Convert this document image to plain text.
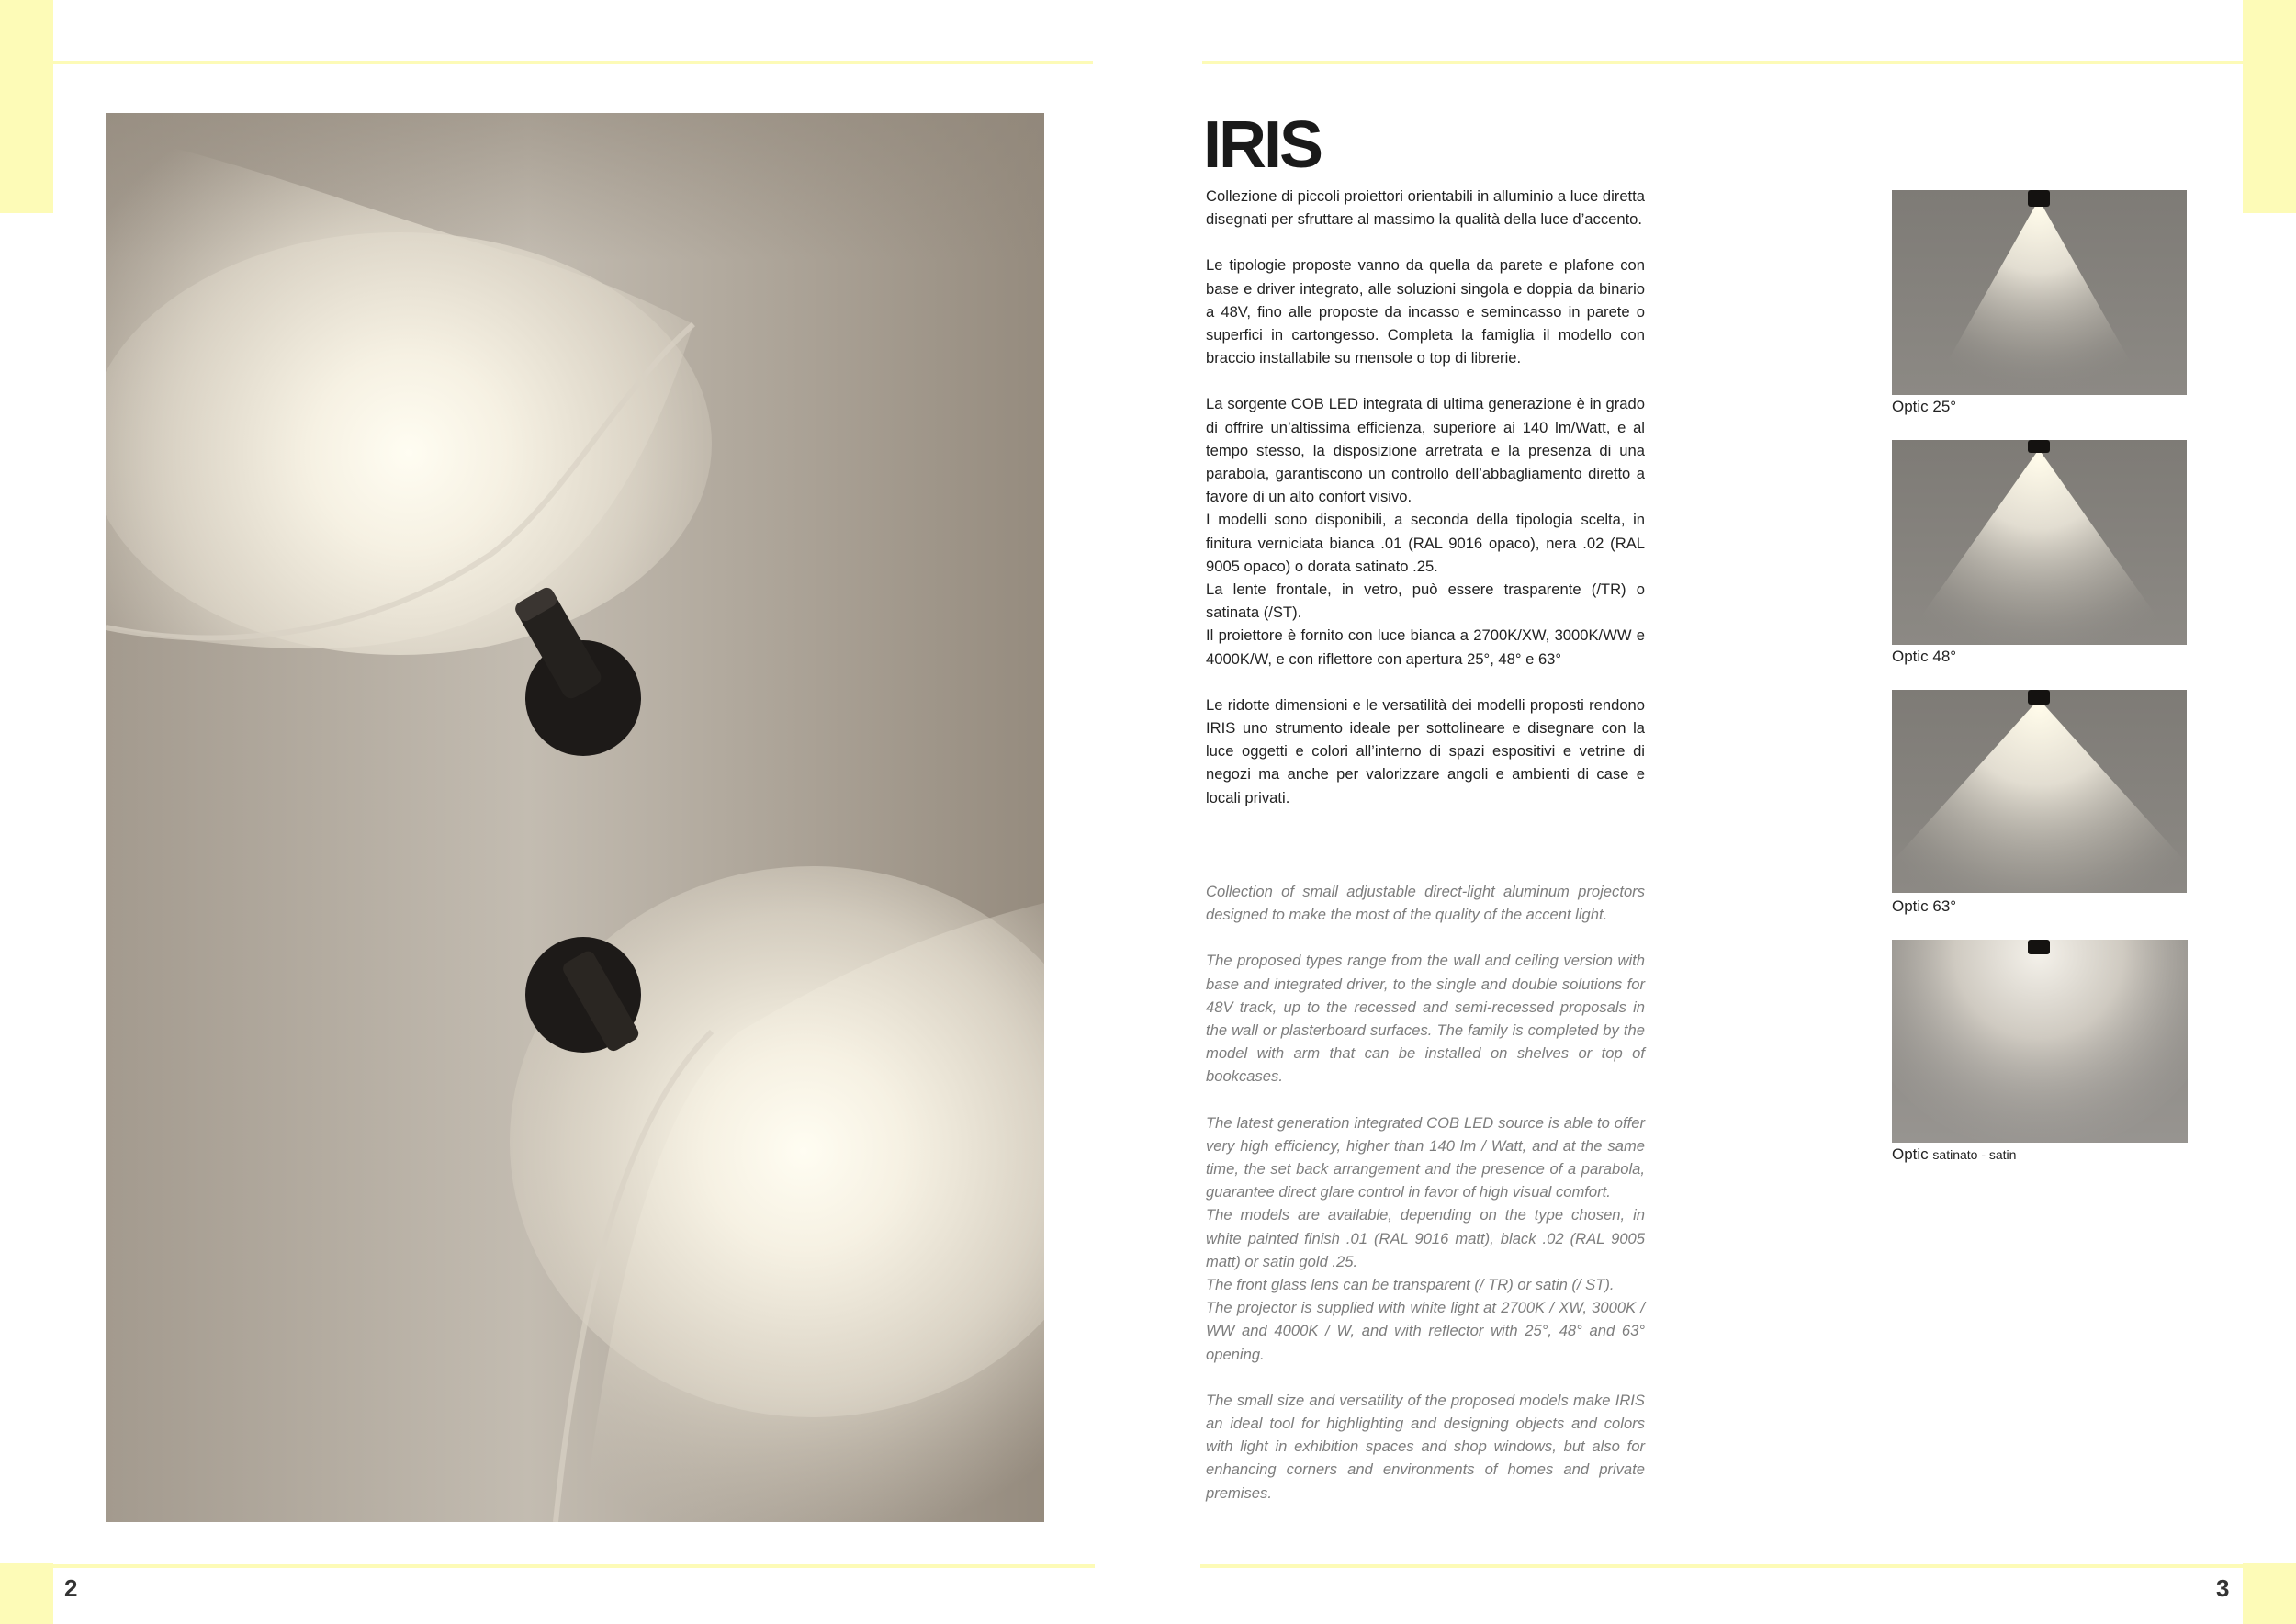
2	3
IRIS

Collezione di piccoli proiettori orientabili in alluminio a luce diretta disegnati per sfruttare al massimo la qualità della luce d’accento.

Le tipologie proposte vanno da quella da parete e plafone con base e driver integrato, alle soluzioni singola e doppia da binario a 48V, fino alle proposte da incasso e semincasso in parete o superfici in cartongesso. Completa la famiglia il modello con braccio installabile su mensole o top di librerie.

La sorgente COB LED integrata di ultima generazione è in grado di offrire un’altissima efficienza, superiore ai 140 lm/Watt, e al tempo stesso, la disposizione arretrata e la presenza di una parabola, garantiscono un controllo dell’abbagliamento diretto a favore di un alto confort visivo.

I modelli sono disponibili, a seconda della tipologia scelta, in finitura verniciata bianca .01 (RAL 9016 opaco), nera .02 (RAL 9005 opaco) o dorata satinato .25.

La lente frontale, in vetro, può essere trasparente (/TR) o satinata (/ST).

Il proiettore è fornito con luce bianca a 2700K/XW, 3000K/WW e 4000K/W, e con riflettore con apertura 25°, 48° e 63°

Le ridotte dimensioni e le versatilità dei modelli proposti rendono IRIS uno strumento ideale per sottolineare e disegnare con la luce oggetti e colori all’interno di spazi espositivi e vetrine di negozi ma anche per valorizzare angoli e ambienti di case e locali privati.

Collection of small adjustable direct-light aluminum projectors designed to make the most of the quality of the accent light.

The proposed types range from the wall and ceiling version with base and integrated driver, to the single and double solutions for 48V track, up to the recessed and semi-recessed proposals in the wall or plasterboard surfaces. The family is completed by the model with arm that can be installed on shelves or top of bookcases.

The latest generation integrated COB LED source is able to offer very high efficiency, higher than 140 lm / Watt, and at the same time, the set back arrangement and the presence of a parabola, guarantee direct glare control in favor of high visual comfort.

The models are available, depending on the type chosen, in white painted finish .01 (RAL 9016 matt), black .02 (RAL 9005 matt) or satin gold .25.

The front glass lens can be transparent (/ TR) or satin (/ ST).

The projector is supplied with white light at 2700K / XW, 3000K / WW and 4000K / W, and with reflector with 25°, 48° and 63° opening.

The small size and versatility of the proposed models make IRIS an ideal tool for highlighting and designing objects and colors with light in exhibition spaces and shop windows, but also for enhancing corners and environments of homes and private premises.

Optic 25°
Optic 48°
Optic 63°
Optic satinato - satin
